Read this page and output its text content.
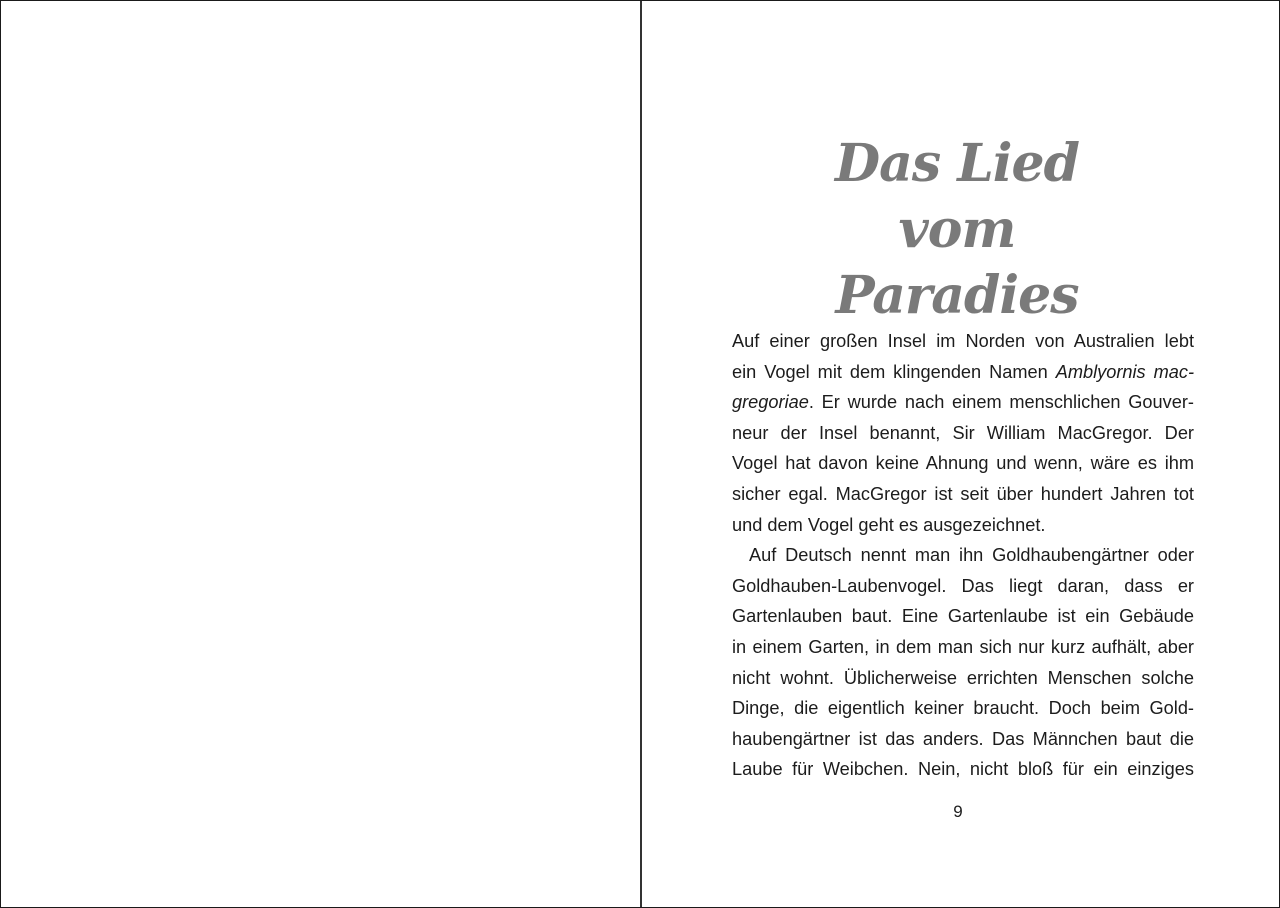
Das Lied
vom Paradies
Auf einer großen Insel im Norden von Australien lebt
ein Vogel mit dem klingenden Namen Amblyornis mac-
gregoriae. Er wurde nach einem menschlichen Gouver-
neur der Insel benannt, Sir William MacGregor. Der
Vogel hat davon keine Ahnung und wenn, wäre es ihm
sicher egal. MacGregor ist seit über hundert Jahren tot
und dem Vogel geht es ausgezeichnet.
Auf Deutsch nennt man ihn Goldhaubengärtner oder
Goldhauben-Laubenvogel. Das liegt daran, dass er
Gartenlauben baut. Eine Gartenlaube ist ein Gebäude
in einem Garten, in dem man sich nur kurz aufhält, aber
nicht wohnt. Üblicherweise errichten Menschen solche
Dinge, die eigentlich keiner braucht. Doch beim Gold-
haubengärtner ist das anders. Das Männchen baut die
Laube für Weibchen. Nein, nicht bloß für ein einziges
9
